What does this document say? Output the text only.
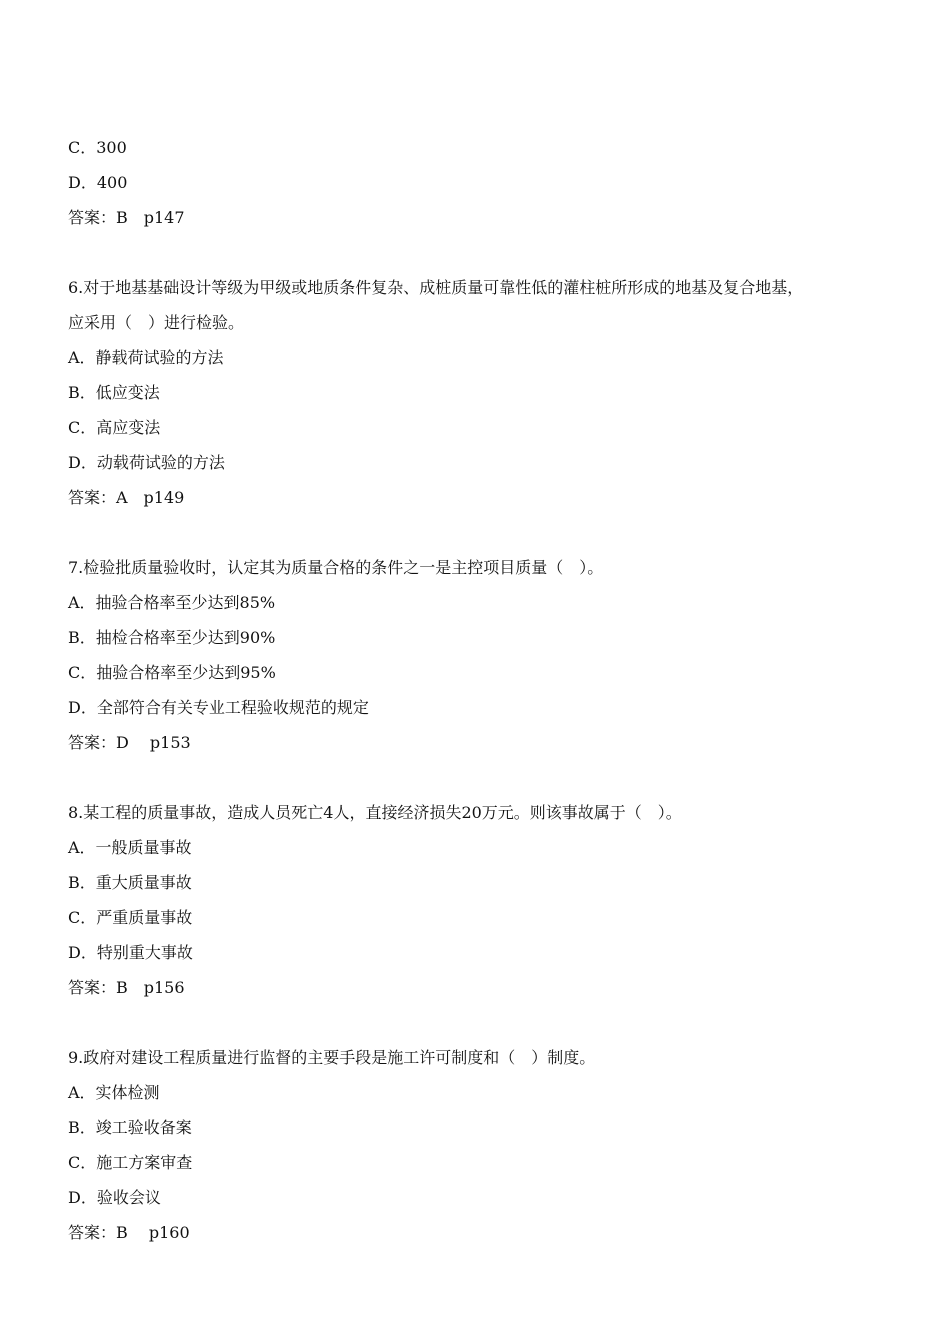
C．300
D．400
答案：B　p147
6.对于地基基础设计等级为甲级或地质条件复杂、成桩质量可靠性低的灌柱桩所形成的地基及复合地基，
应采用（　）进行检验。
A．静载荷试验的方法
B．低应变法
C．高应变法
D．动载荷试验的方法
答案：A　p149
7.检验批质量验收时，认定其为质量合格的条件之一是主控项目质量（　）。
A．抽验合格率至少达到85%
B．抽检合格率至少达到90%
C．抽验合格率至少达到95%
D．全部符合有关专业工程验收规范的规定
答案：D　 p153
8.某工程的质量事故，造成人员死亡4人，直接经济损失20万元。则该事故属于（　）。
A．一般质量事故
B．重大质量事故
C．严重质量事故
D．特别重大事故
答案：B　p156
9.政府对建设工程质量进行监督的主要手段是施工许可制度和（　）制度。
A．实体检测
B．竣工验收备案
C．施工方案审查
D．验收会议
答案：B　 p160
